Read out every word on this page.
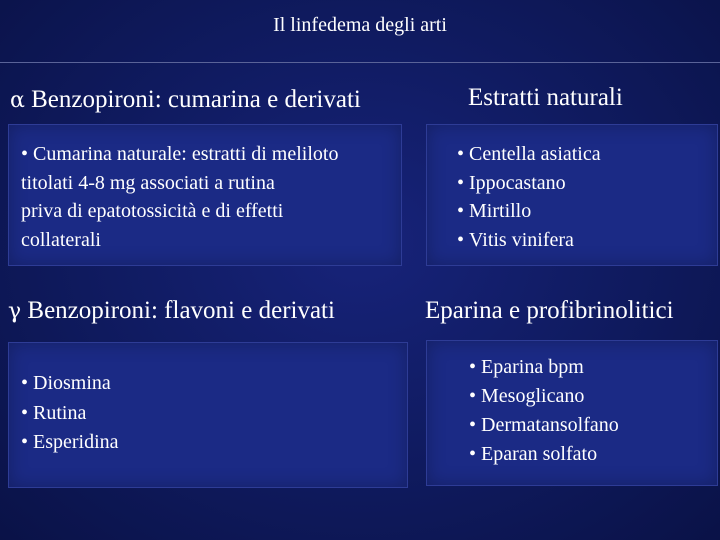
Il linfedema degli arti
α Benzopironi: cumarina e derivati
• Cumarina naturale: estratti di meliloto
titolati 4-8 mg associati a rutina
priva di epatotossicità e di effetti
collaterali
Estratti naturali
• Centella asiatica
• Ippocastano
• Mirtillo
• Vitis vinifera
γ Benzopironi: flavoni e derivati
• Diosmina
• Rutina
• Esperidina
Eparina e profibrinolitici
• Eparina bpm
• Mesoglicano
• Dermatansolfano
• Eparan solfato
